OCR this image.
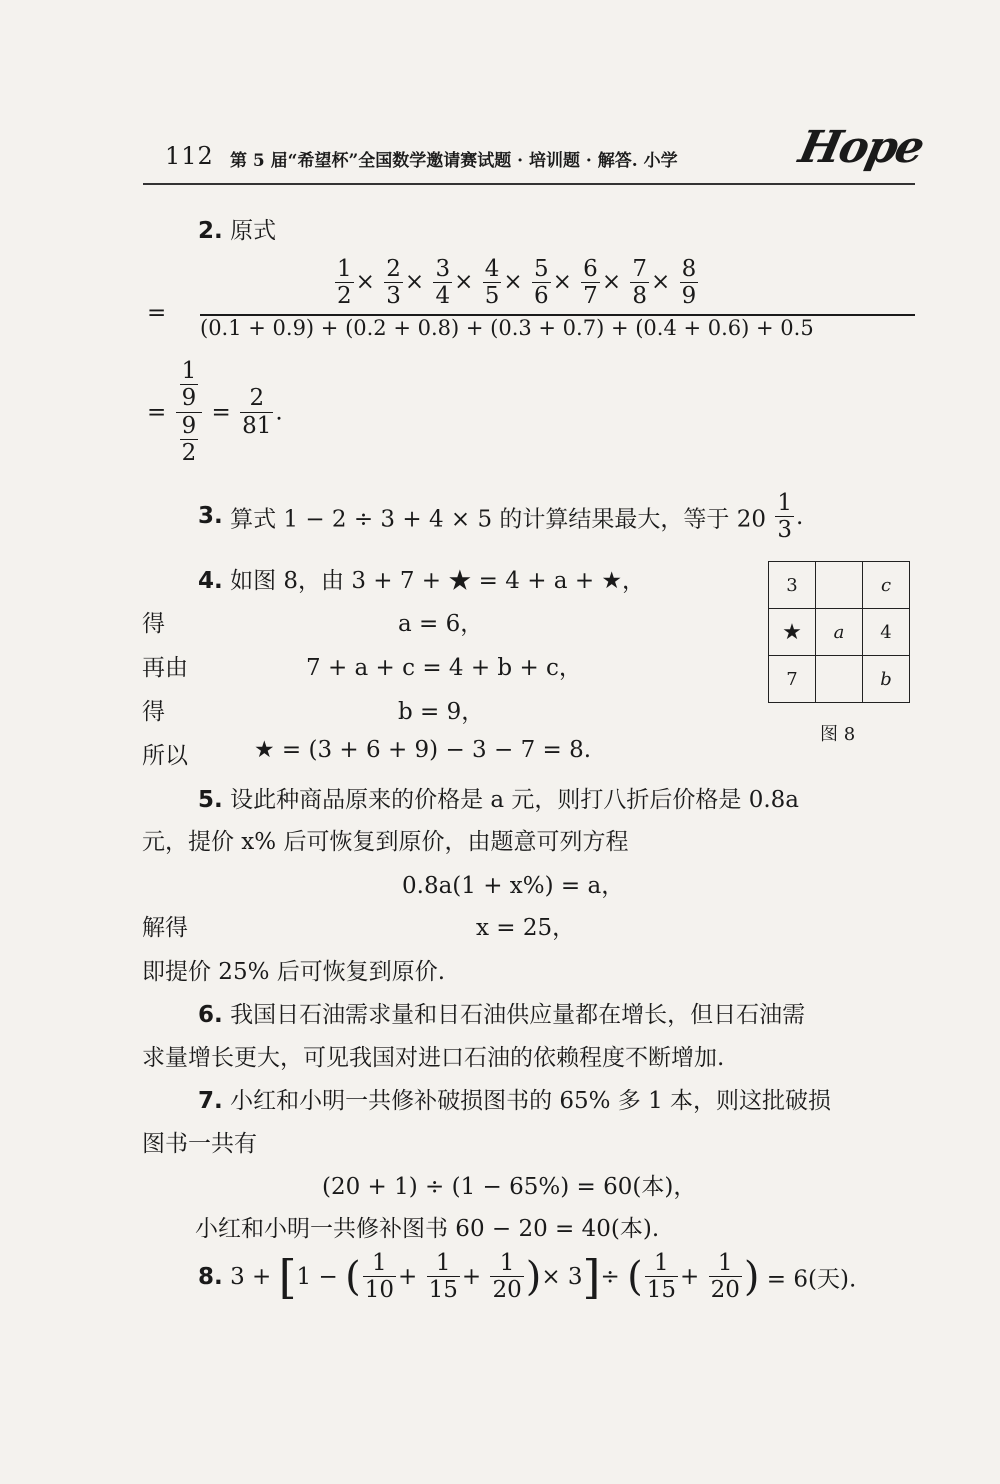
112 第 5 届“希望杯”全国数学邀请赛试题 · 培训题 · 解答. 小学	Hope
2. 原式
=
$\frac{1}{2} \times \frac{2}{3} \times \frac{3}{4} \times \frac{4}{5} \times \frac{5}{6} \times \frac{6}{7} \times \frac{7}{8} \times \frac{8}{9}$
(0.1 + 0.9) + (0.2 + 0.8) + (0.3 + 0.7) + (0.4 + 0.6) + 0.5
= $\frac{\frac{1}{9}}{\frac{9}{2}} = \frac{2}{81}$ .
3. 算式 1 − 2 ÷ 3 + 4 × 5 的计算结果最大，等于 $20 \frac{1}{3}$ .
4. 如图 8，由 3 + 7 + ★ = 4 + a + ★，
得	a = 6，
再由	7 + a + c = 4 + b + c，
得	b = 9，
所以	★ = (3 + 6 + 9) − 3 − 7 = 8.
3		c
★	a	4
7		b
图 8
5. 设此种商品原来的价格是 a 元，则打八折后价格是 0.8a
元，提价 x% 后可恢复到原价，由题意可列方程
0.8a(1 + x%) = a，
解得	x = 25，
即提价 25% 后可恢复到原价.
6. 我国日石油需求量和日石油供应量都在增长，但日石油需
求量增长更大，可见我国对进口石油的依赖程度不断增加.
7. 小红和小明一共修补破损图书的 65% 多 1 本，则这批破损
图书一共有
(20 + 1) ÷ (1 − 65%) = 60(本)，
小红和小明一共修补图书 60 − 20 = 40(本).
8. 3 + [1 − ( $\frac{1}{10} + \frac{1}{15} + \frac{1}{20}$ )× 3]÷ ( $\frac{1}{15} + \frac{1}{20}$ ) = 6(天).
